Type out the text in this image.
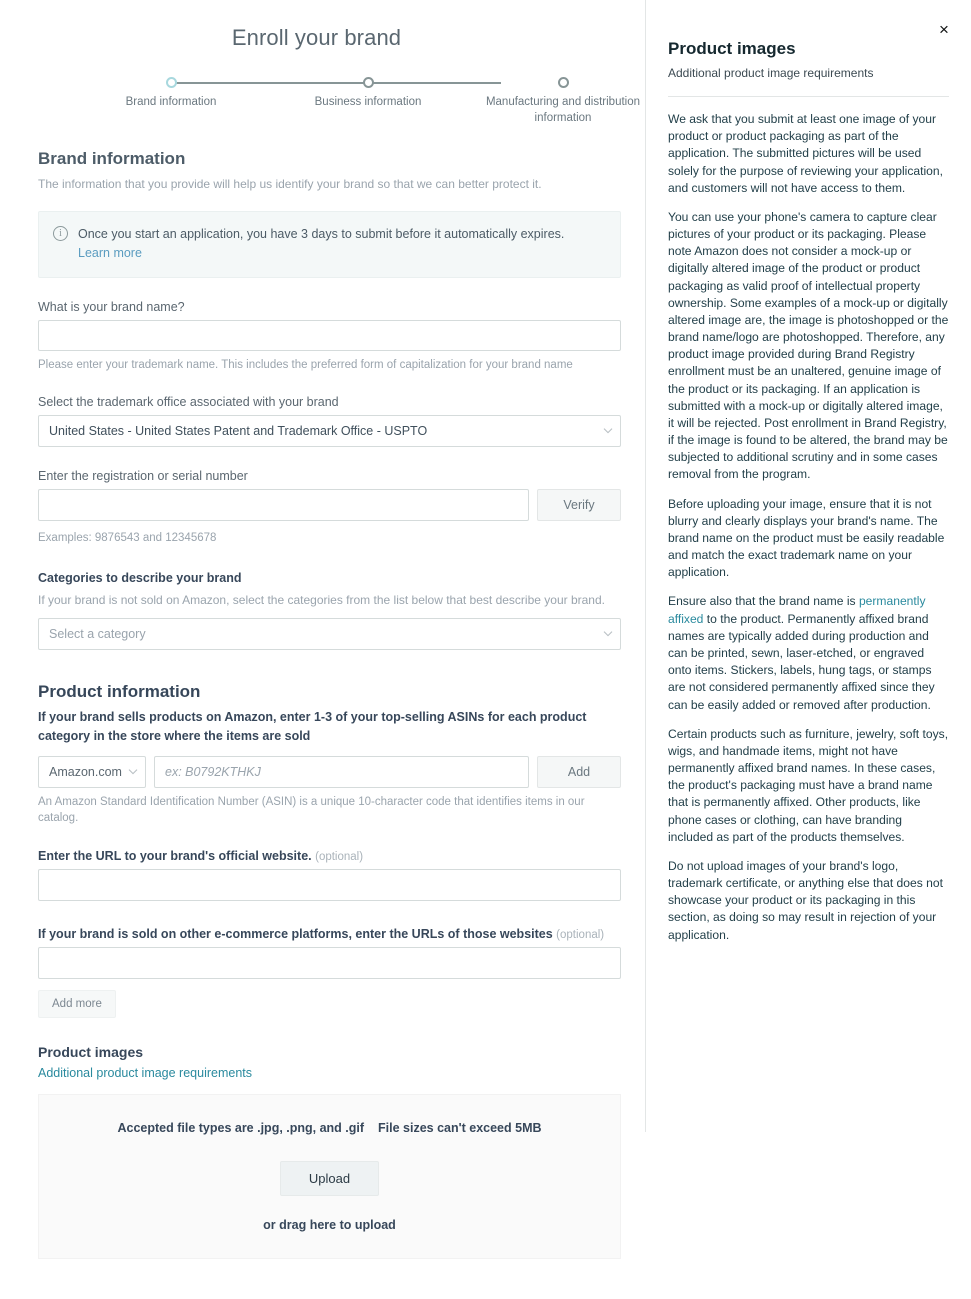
Enroll your brand
Brand information	Business information	Manufacturing and distribution information
Brand information

The information that you provide will help us identify your brand so that we can better protect it.

i	Once you start an application, you have 3 days to submit before it automatically expires. Learn more
What is your brand name?

Please enter your trademark name. This includes the preferred form of capitalization for your brand name

Select the trademark office associated with your brand
United States - United States Patent and Trademark Office - USPTO
Enter the registration or serial number
Verify

Examples: 9876543 and 12345678

Categories to describe your brand

If your brand is not sold on Amazon, select the categories from the list below that best describe your brand.

Select a category
Product information
If your brand sells products on Amazon, enter 1-3 of your top-selling ASINs for each product category in the store where the items are sold
Amazon.com
ex: B0792KTHKJ	Add

An Amazon Standard Identification Number (ASIN) is a unique 10-character code that identifies items in our catalog.

Enter the URL to your brand's official website. (optional)
If your brand is sold on other e-commerce platforms, enter the URLs of those websites (optional)
Add more
Product images
Additional product image requirements

Accepted file types are .jpg, .png, and .gif File sizes can't exceed 5MB

Upload

or drag here to upload

×
Product images

Additional product image requirements

We ask that you submit at least one image of your product or product packaging as part of the application. The submitted pictures will be used solely for the purpose of reviewing your application, and customers will not have access to them.

You can use your phone's camera to capture clear pictures of your product or its packaging. Please note Amazon does not consider a mock-up or digitally altered image of the product or product packaging as valid proof of intellectual property ownership. Some examples of a mock-up or digitally altered image are, the image is photoshopped or the brand name/logo are photoshopped. Therefore, any product image provided during Brand Registry enrollment must be an unaltered, genuine image of the product or its packaging. If an application is submitted with a mock-up or digitally altered image, it will be rejected. Post enrollment in Brand Registry, if the image is found to be altered, the brand may be subjected to additional scrutiny and in some cases removal from the program.

Before uploading your image, ensure that it is not blurry and clearly displays your brand's name. The brand name on the product must be easily readable and match the exact trademark name on your application.

Ensure also that the brand name is permanently affixed to the product. Permanently affixed brand names are typically added during production and can be printed, sewn, laser-etched, or engraved onto items. Stickers, labels, hung tags, or stamps are not considered permanently affixed since they can be easily added or removed after production.

Certain products such as furniture, jewelry, soft toys, wigs, and handmade items, might not have permanently affixed brand names. In these cases, the product's packaging must have a brand name that is permanently affixed. Other products, like phone cases or clothing, can have branding included as part of the products themselves.

Do not upload images of your brand's logo, trademark certificate, or anything else that does not showcase your product or its packaging in this section, as doing so may result in rejection of your application.
